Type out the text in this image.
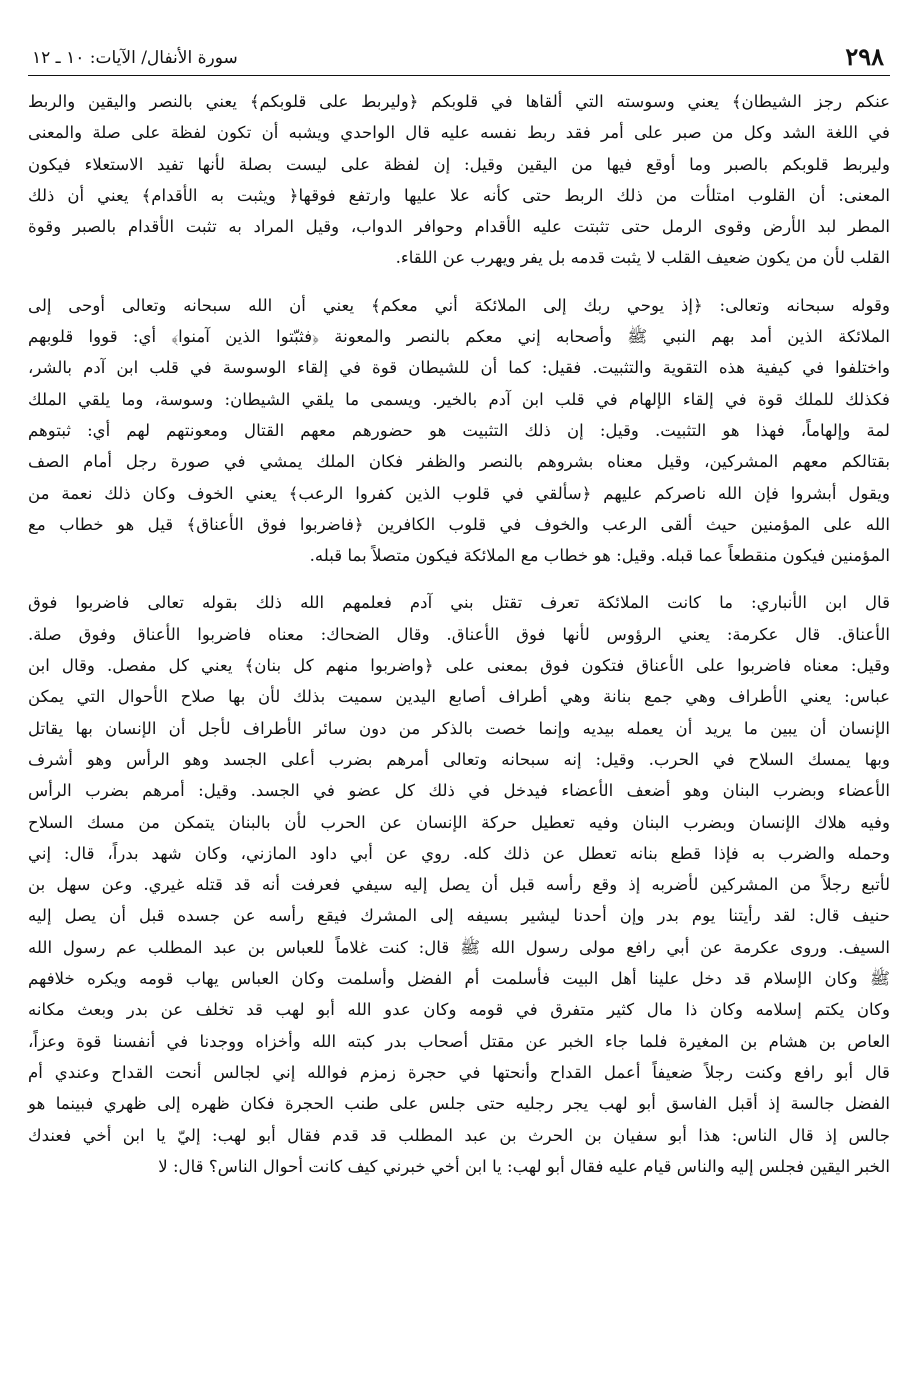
٢٩٨
سورة الأنفال/ الآيات: ١٠ ـ ١٢

عنكم رجز الشيطان﴾ يعني وسوسته التي ألقاها في قلوبكم ﴿وليربط على قلوبكم﴾ يعني بالنصر واليقين والربط
في اللغة الشد وكل من صبر على أمر فقد ربط نفسه عليه قال الواحدي ويشبه أن تكون لفظة على صلة والمعنى
وليربط قلوبكم بالصبر وما أوقع فيها من اليقين وقيل: إن لفظة على ليست بصلة لأنها تفيد الاستعلاء فيكون
المعنى: أن القلوب امتلأت من ذلك الربط حتى كأنه علا عليها وارتفع فوقها﴿ ويثبت به الأقدام﴾ يعني أن ذلك
المطر لبد الأرض وقوى الرمل حتى تثبتت عليه الأقدام وحوافر الدواب، وقيل المراد به تثبت الأقدام بالصبر وقوة
القلب لأن من يكون ضعيف القلب لا يثبت قدمه بل يفر ويهرب عن اللقاء.

وقوله سبحانه وتعالى: ﴿إذ يوحي ربك إلى الملائكة أني معكم﴾ يعني أن الله سبحانه وتعالى أوحى إلى
الملائكة الذين أمد بهم النبي ﷺ وأصحابه إني معكم بالنصر والمعونة ﴿فثبّتوا الذين آمنوا﴾ أي: قووا قلوبهم
واختلفوا في كيفية هذه التقوية والتثبيت. فقيل: كما أن للشيطان قوة في إلقاء الوسوسة في قلب ابن آدم بالشر،
فكذلك للملك قوة في إلقاء الإلهام في قلب ابن آدم بالخير. ويسمى ما يلقي الشيطان: وسوسة، وما يلقي الملك
لمة وإلهاماً، فهذا هو التثبيت. وقيل: إن ذلك التثبيت هو حضورهم معهم القتال ومعونتهم لهم أي: ثبتوهم
بقتالكم معهم المشركين، وقيل معناه بشروهم بالنصر والظفر فكان الملك يمشي في صورة رجل أمام الصف
ويقول أبشروا فإن الله ناصركم عليهم ﴿سألقي في قلوب الذين كفروا الرعب﴾ يعني الخوف وكان ذلك نعمة من
الله على المؤمنين حيث ألقى الرعب والخوف في قلوب الكافرين ﴿فاضربوا فوق الأعناق﴾ قيل هو خطاب مع
المؤمنين فيكون منقطعاً عما قبله. وقيل: هو خطاب مع الملائكة فيكون متصلاً بما قبله.

قال ابن الأنباري: ما كانت الملائكة تعرف تقتل بني آدم فعلمهم الله ذلك بقوله تعالى فاضربوا فوق
الأعناق. قال عكرمة: يعني الرؤوس لأنها فوق الأعناق. وقال الضحاك: معناه فاضربوا الأعناق وفوق صلة.
وقيل: معناه فاضربوا على الأعناق فتكون فوق بمعنى على ﴿واضربوا منهم كل بنان﴾ يعني كل مفصل. وقال ابن
عباس: يعني الأطراف وهي جمع بنانة وهي أطراف أصابع اليدين سميت بذلك لأن بها صلاح الأحوال التي يمكن
الإنسان أن يبين ما يريد أن يعمله بيديه وإنما خصت بالذكر من دون سائر الأطراف لأجل أن الإنسان بها يقاتل
وبها يمسك السلاح في الحرب. وقيل: إنه سبحانه وتعالى أمرهم بضرب أعلى الجسد وهو الرأس وهو أشرف
الأعضاء وبضرب البنان وهو أضعف الأعضاء فيدخل في ذلك كل عضو في الجسد. وقيل: أمرهم بضرب الرأس
وفيه هلاك الإنسان وبضرب البنان وفيه تعطيل حركة الإنسان عن الحرب لأن بالبنان يتمكن من مسك السلاح
وحمله والضرب به فإذا قطع بنانه تعطل عن ذلك كله. روي عن أبي داود المازني، وكان شهد بدراً، قال: إني
لأتبع رجلاً من المشركين لأضربه إذ وقع رأسه قبل أن يصل إليه سيفي فعرفت أنه قد قتله غيري. وعن سهل بن
حنيف قال: لقد رأيتنا يوم بدر وإن أحدنا ليشير بسيفه إلى المشرك فيقع رأسه عن جسده قبل أن يصل إليه
السيف. وروى عكرمة عن أبي رافع مولى رسول الله ﷺ قال: كنت غلاماً للعباس بن عبد المطلب عم رسول الله
ﷺ وكان الإسلام قد دخل علينا أهل البيت فأسلمت أم الفضل وأسلمت وكان العباس يهاب قومه ويكره خلافهم
وكان يكتم إسلامه وكان ذا مال كثير متفرق في قومه وكان عدو الله أبو لهب قد تخلف عن بدر وبعث مكانه
العاص بن هشام بن المغيرة فلما جاء الخبر عن مقتل أصحاب بدر كبته الله وأخزاه ووجدنا في أنفسنا قوة وعزاً،
قال أبو رافع وكنت رجلاً ضعيفاً أعمل القداح وأنحتها في حجرة زمزم فوالله إني لجالس أنحت القداح وعندي أم
الفضل جالسة إذ أقبل الفاسق أبو لهب يجر رجليه حتى جلس على طنب الحجرة فكان ظهره إلى ظهري فبينما هو
جالس إذ قال الناس: هذا أبو سفيان بن الحرث بن عبد المطلب قد قدم فقال أبو لهب: إليّ يا ابن أخي فعندك
الخبر اليقين فجلس إليه والناس قيام عليه فقال أبو لهب: يا ابن أخي خبرني كيف كانت أحوال الناس؟ قال: لا
